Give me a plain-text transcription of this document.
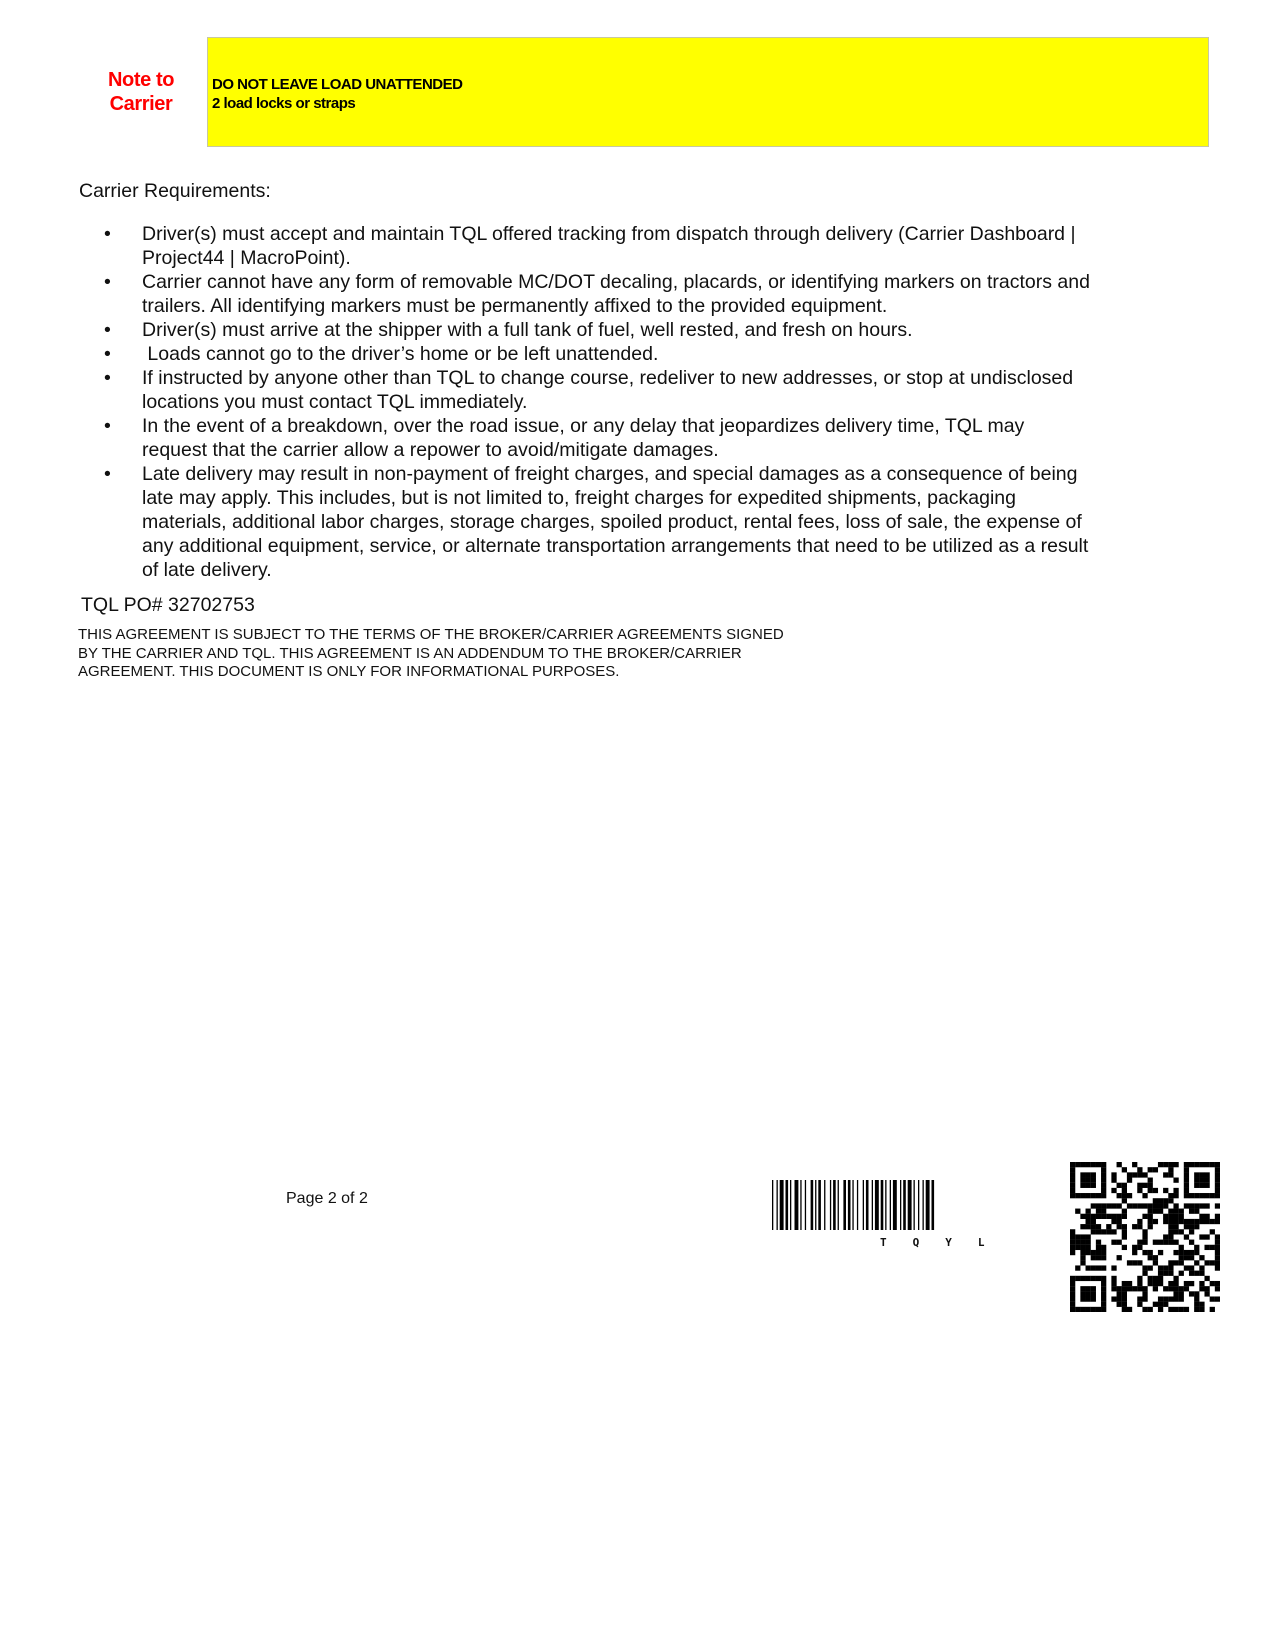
Note to
Carrier
DO NOT LEAVE LOAD UNATTENDED
2 load locks or straps
Carrier Requirements:
• Driver(s) must accept and maintain TQL offered tracking from dispatch through delivery (Carrier Dashboard | Project44 | MacroPoint).
• Carrier cannot have any form of removable MC/DOT decaling, placards, or identifying markers on tractors and trailers. All identifying markers must be permanently affixed to the provided equipment.
• Driver(s) must arrive at the shipper with a full tank of fuel, well rested, and fresh on hours.
• Loads cannot go to the driver’s home or be left unattended.
• If instructed by anyone other than TQL to change course, redeliver to new addresses, or stop at undisclosed locations you must contact TQL immediately.
• In the event of a breakdown, over the road issue, or any delay that jeopardizes delivery time, TQL may request that the carrier allow a repower to avoid/mitigate damages.
• Late delivery may result in non-payment of freight charges, and special damages as a consequence of being late may apply. This includes, but is not limited to, freight charges for expedited shipments, packaging materials, additional labor charges, storage charges, spoiled product, rental fees, loss of sale, the expense of any additional equipment, service, or alternate transportation arrangements that need to be utilized as a result of late delivery.
TQL PO# 32702753
THIS AGREEMENT IS SUBJECT TO THE TERMS OF THE BROKER/CARRIER AGREEMENTS SIGNED BY THE CARRIER AND TQL. THIS AGREEMENT IS AN ADDENDUM TO THE BROKER/CARRIER AGREEMENT. THIS DOCUMENT IS ONLY FOR INFORMATIONAL PURPOSES.
Page 2 of 2
TQYL
